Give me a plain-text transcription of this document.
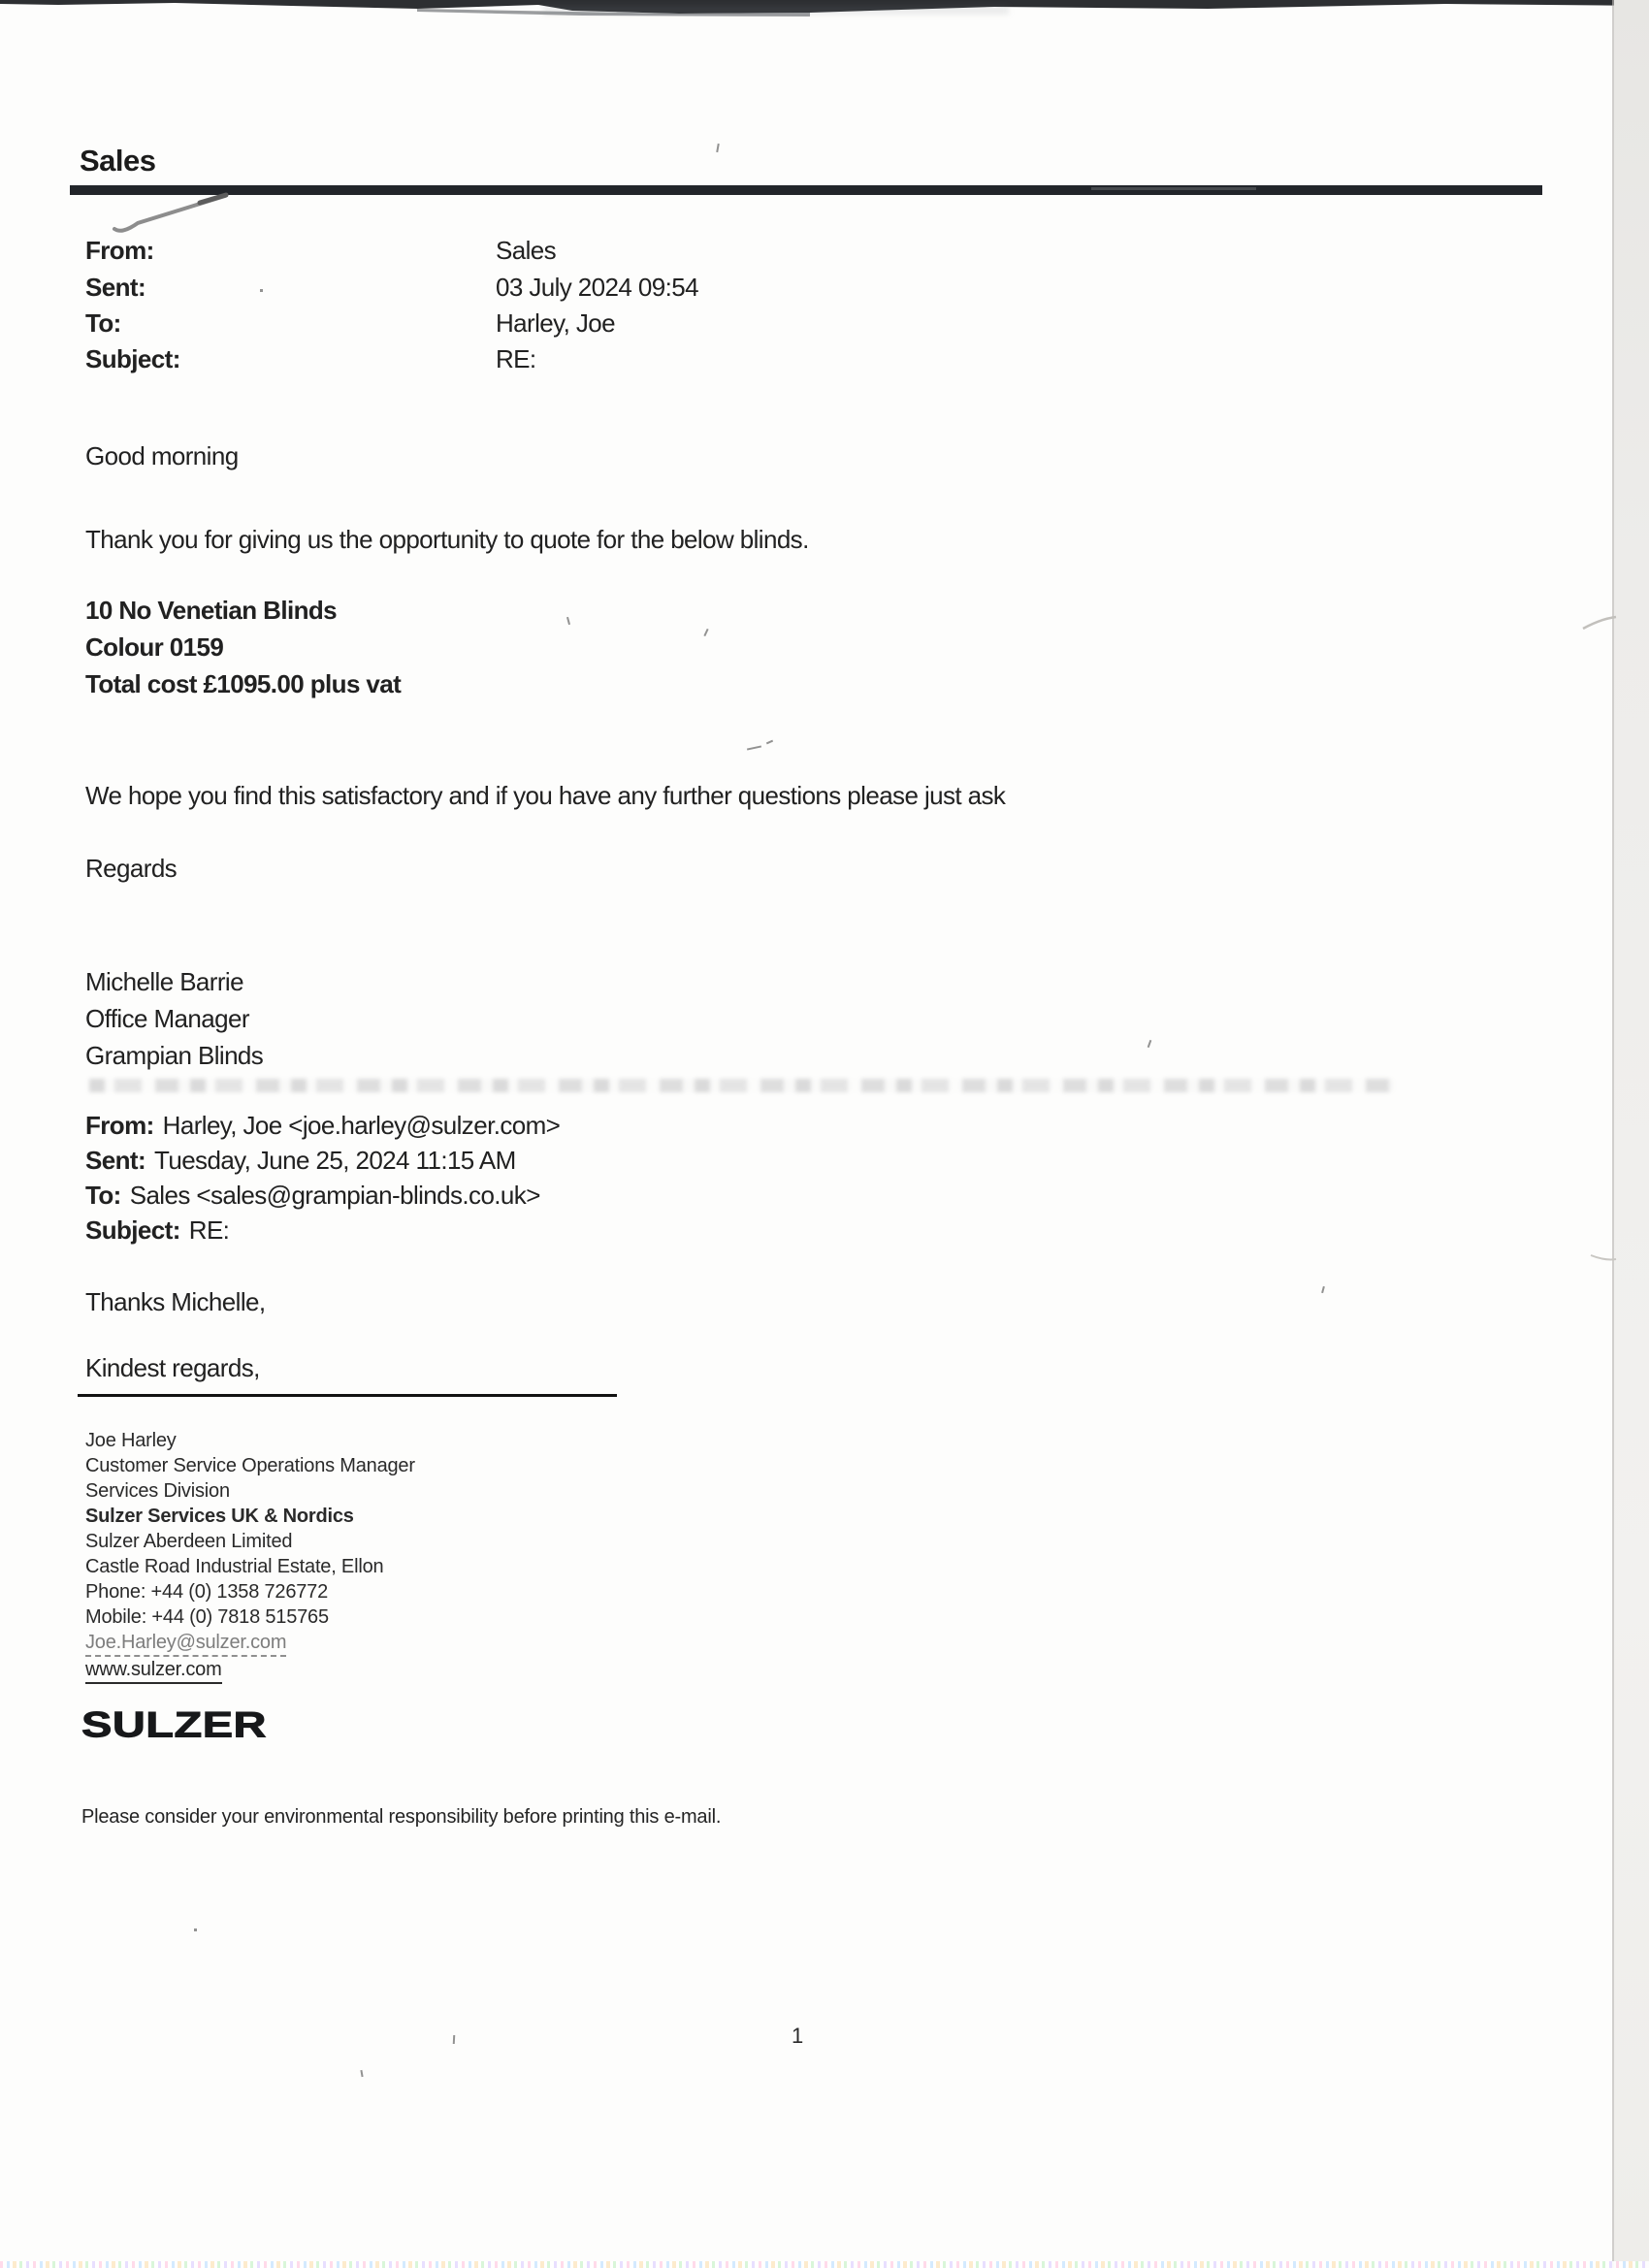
Sales
From:	Sales
Sent:	03 July 2024 09:54
To:	Harley, Joe
Subject:	RE:
Good morning
Thank you for giving us the opportunity to quote for the below blinds.
10 No Venetian Blinds
Colour 0159
Total cost £1095.00 plus vat
We hope you find this satisfactory and if you have any further questions please just ask
Regards
Michelle Barrie
Office Manager
Grampian Blinds
From: Harley, Joe <joe.harley@sulzer.com>
Sent: Tuesday, June 25, 2024 11:15 AM
To: Sales <sales@grampian-blinds.co.uk>
Subject: RE:
Thanks Michelle,
Kindest regards,
Joe Harley
Customer Service Operations Manager
Services Division
Sulzer Services UK & Nordics
Sulzer Aberdeen Limited
Castle Road Industrial Estate, Ellon
Phone: +44 (0) 1358 726772
Mobile: +44 (0) 7818 515765
Joe.Harley@sulzer.com
www.sulzer.com
SULZER
Please consider your environmental responsibility before printing this e-mail.
1
